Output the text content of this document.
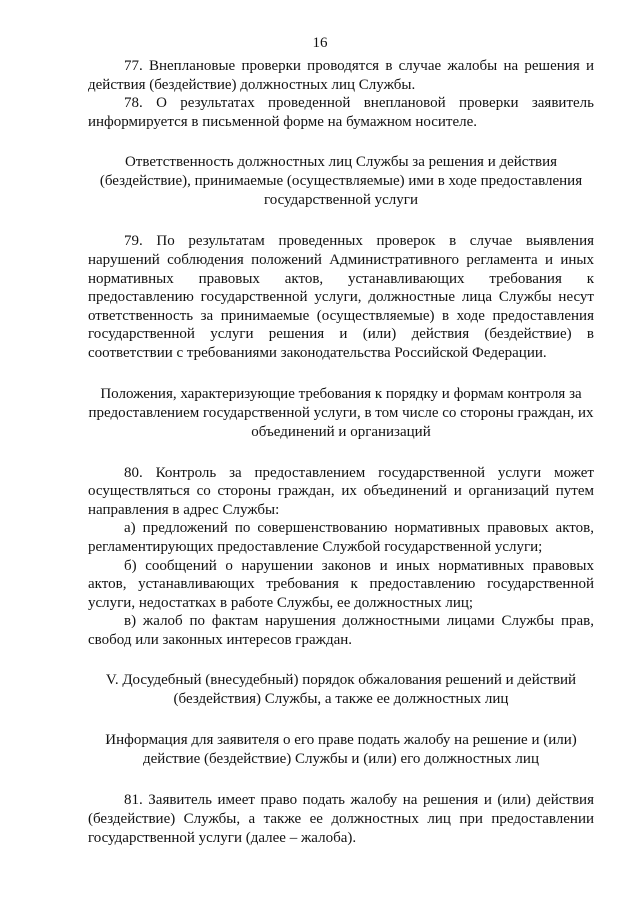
16

77. Внеплановые проверки проводятся в случае жалобы на решения и действия (бездействие) должностных лиц Службы.

78. О результатах проведенной внеплановой проверки заявитель информируется в письменной форме на бумажном носителе.

Ответственность должностных лиц Службы за решения и действия (бездействие), принимаемые (осуществляемые) ими в ходе предоставления государственной услуги

79. По результатам проведенных проверок в случае выявления нарушений соблюдения положений Административного регламента и иных нормативных правовых актов, устанавливающих требования к предоставлению государственной услуги, должностные лица Службы несут ответственность за принимаемые (осуществляемые) в ходе предоставления государственной услуги решения и (или) действия (бездействие) в соответствии с требованиями законодательства Российской Федерации.

Положения, характеризующие требования к порядку и формам контроля за предоставлением государственной услуги, в том числе со стороны граждан, их объединений и организаций

80. Контроль за предоставлением государственной услуги может осуществляться со стороны граждан, их объединений и организаций путем направления в адрес Службы:

а) предложений по совершенствованию нормативных правовых актов, регламентирующих предоставление Службой государственной услуги;

б) сообщений о нарушении законов и иных нормативных правовых актов, устанавливающих требования к предоставлению государственной услуги, недостатках в работе Службы, ее должностных лиц;

в) жалоб по фактам нарушения должностными лицами Службы прав, свобод или законных интересов граждан.

V. Досудебный (внесудебный) порядок обжалования решений и действий (бездействия) Службы, а также ее должностных лиц

Информация для заявителя о его праве подать жалобу на решение и (или) действие (бездействие) Службы и (или) его должностных лиц

81. Заявитель имеет право подать жалобу на решения и (или) действия (бездействие) Службы, а также ее должностных лиц при предоставлении государственной услуги (далее – жалоба).
